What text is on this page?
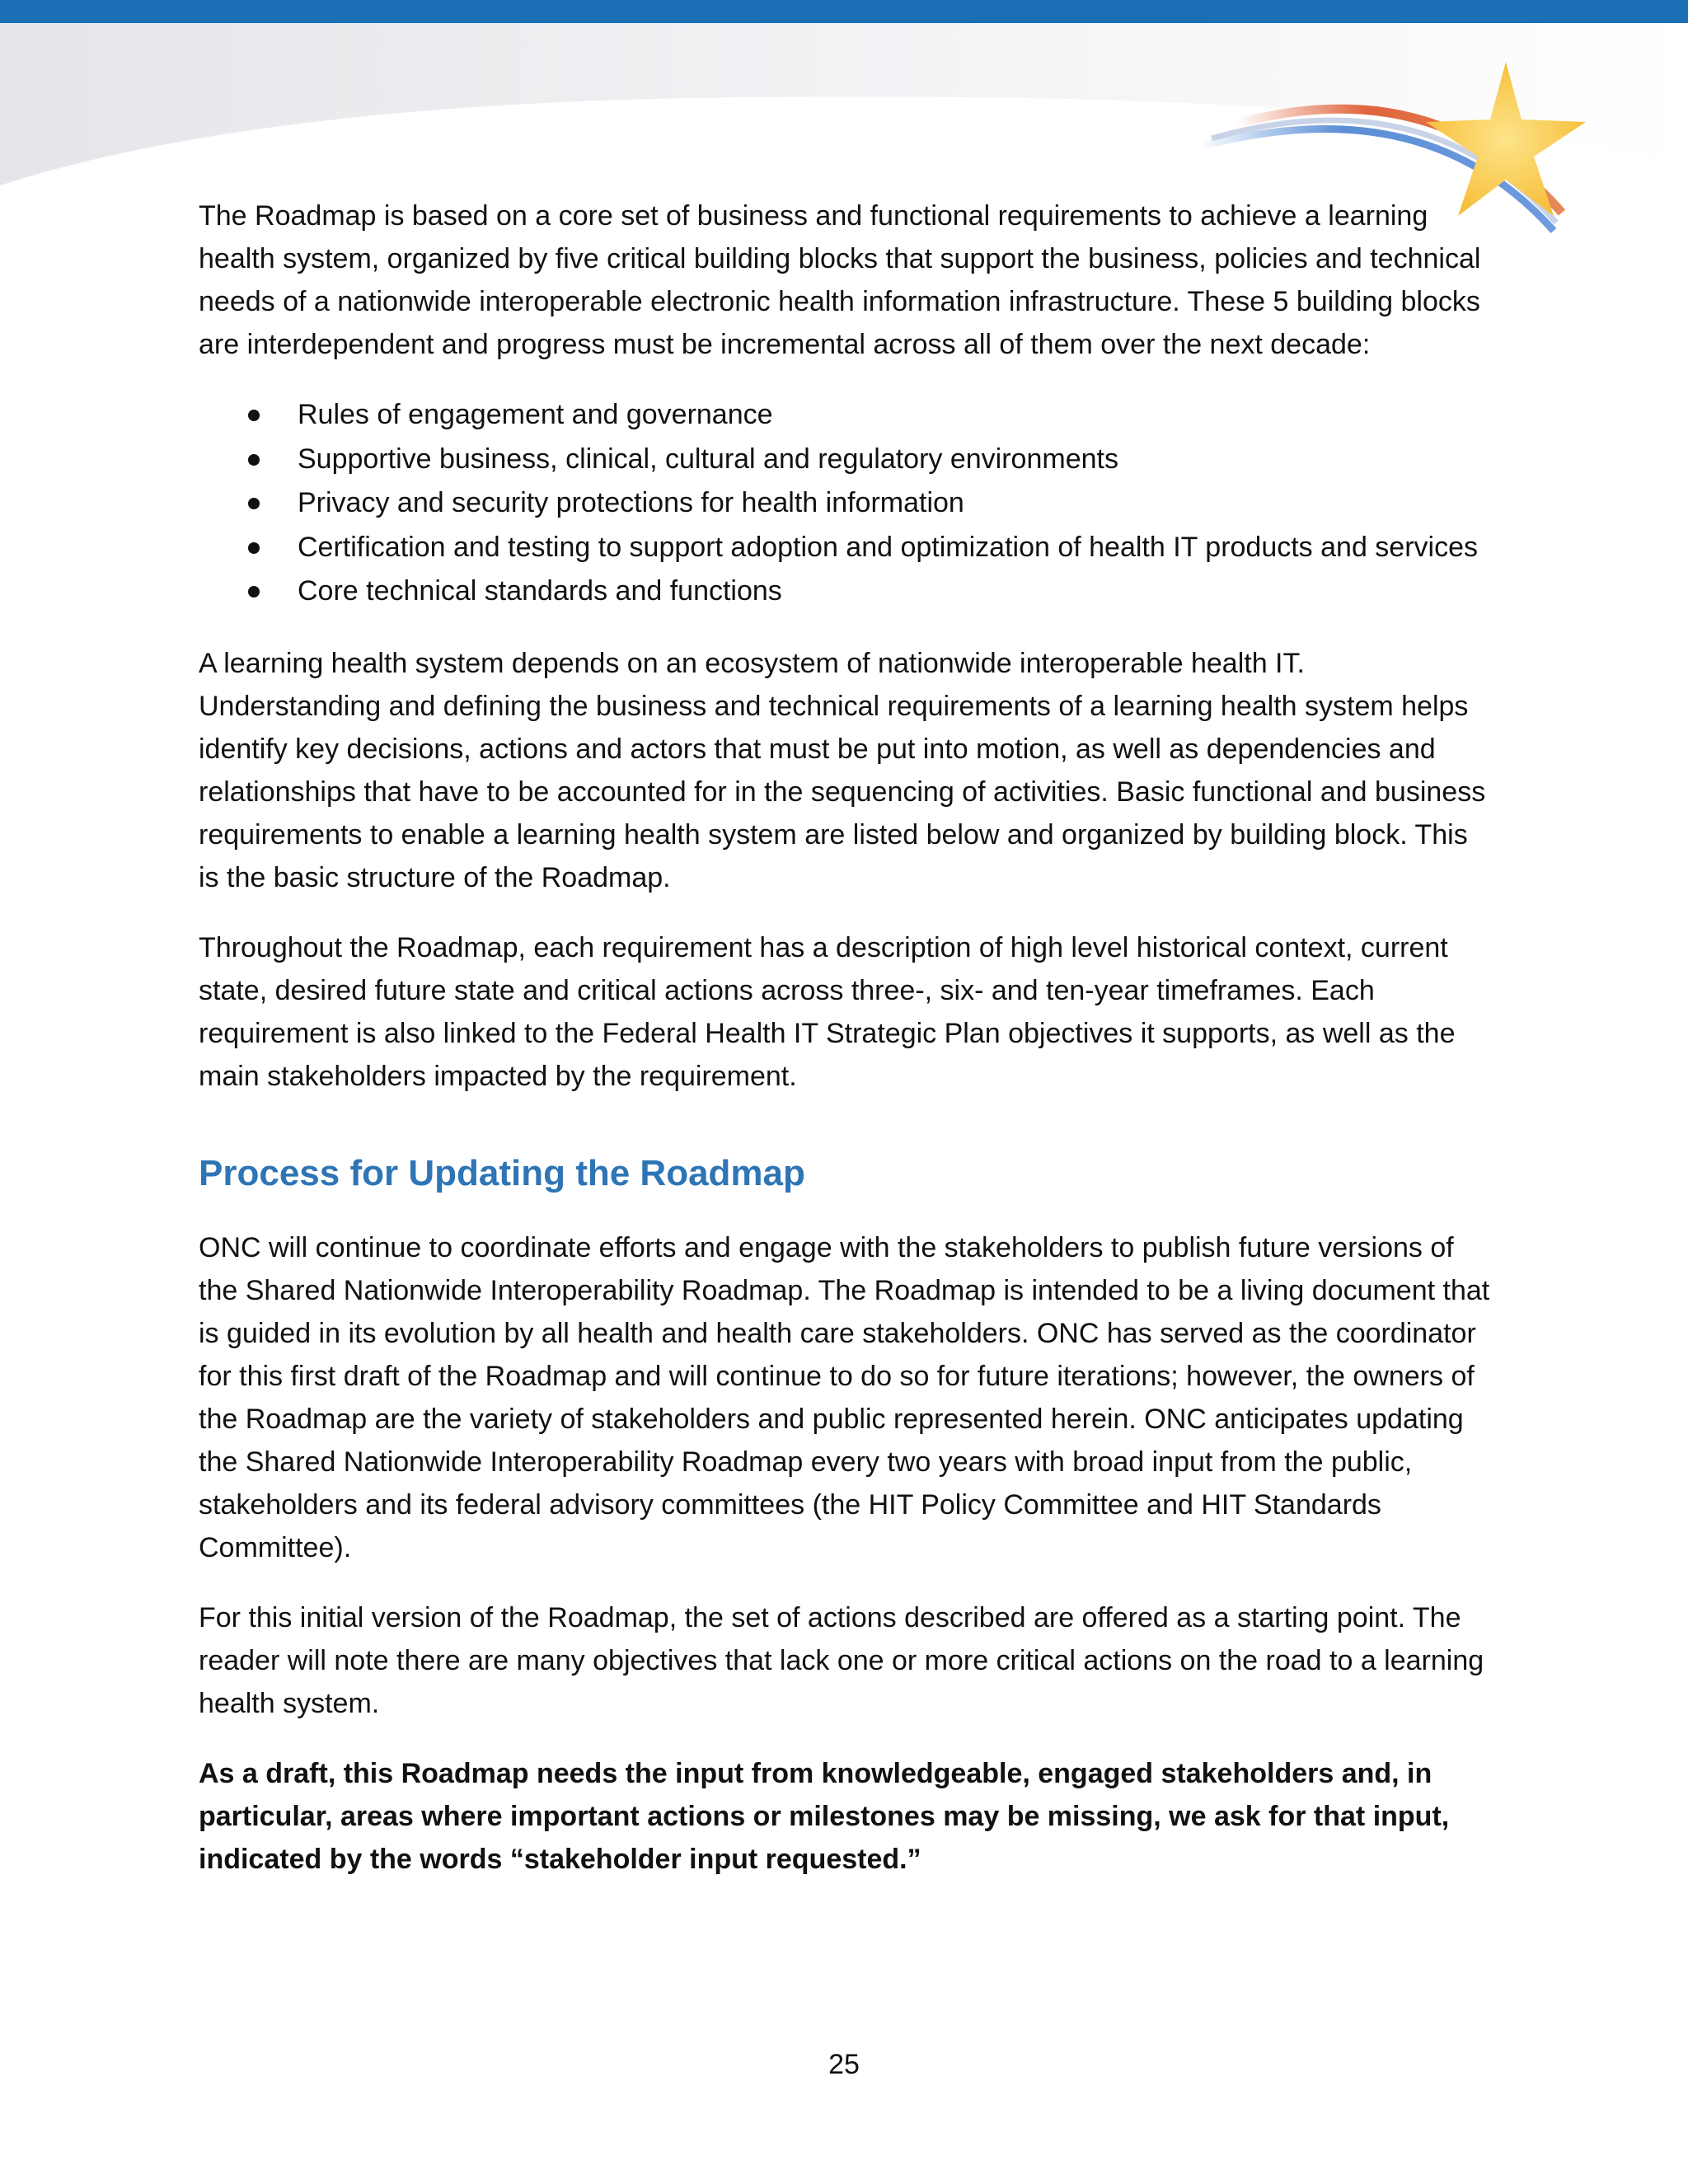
The Roadmap is based on a core set of business and functional requirements to achieve a learning health system, organized by five critical building blocks that support the business, policies and technical needs of a nationwide interoperable electronic health information infrastructure. These 5 building blocks are interdependent and progress must be incremental across all of them over the next decade:

Rules of engagement and governance
Supportive business, clinical, cultural and regulatory environments
Privacy and security protections for health information
Certification and testing to support adoption and optimization of health IT products and services
Core technical standards and functions

A learning health system depends on an ecosystem of nationwide interoperable health IT. Understanding and defining the business and technical requirements of a learning health system helps identify key decisions, actions and actors that must be put into motion, as well as dependencies and relationships that have to be accounted for in the sequencing of activities. Basic functional and business requirements to enable a learning health system are listed below and organized by building block. This is the basic structure of the Roadmap.

Throughout the Roadmap, each requirement has a description of high level historical context, current state, desired future state and critical actions across three-, six- and ten-year timeframes. Each requirement is also linked to the Federal Health IT Strategic Plan objectives it supports, as well as the main stakeholders impacted by the requirement.

Process for Updating the Roadmap

ONC will continue to coordinate efforts and engage with the stakeholders to publish future versions of the Shared Nationwide Interoperability Roadmap. The Roadmap is intended to be a living document that is guided in its evolution by all health and health care stakeholders. ONC has served as the coordinator for this first draft of the Roadmap and will continue to do so for future iterations; however, the owners of the Roadmap are the variety of stakeholders and public represented herein. ONC anticipates updating the Shared Nationwide Interoperability Roadmap every two years with broad input from the public, stakeholders and its federal advisory committees (the HIT Policy Committee and HIT Standards Committee).

For this initial version of the Roadmap, the set of actions described are offered as a starting point. The reader will note there are many objectives that lack one or more critical actions on the road to a learning health system.

As a draft, this Roadmap needs the input from knowledgeable, engaged stakeholders and, in particular, areas where important actions or milestones may be missing, we ask for that input, indicated by the words “stakeholder input requested.”

25
